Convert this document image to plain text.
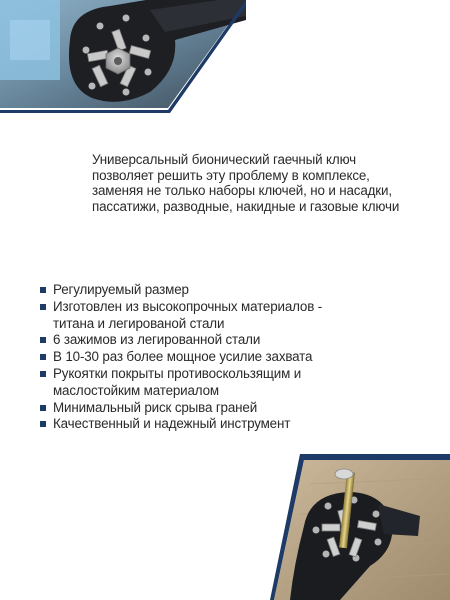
Универсальный бионический гаечный ключ
позволяет решить эту проблему в комплексе,
заменяя не только наборы ключей, но и насадки,
пассатижи, разводные, накидные и газовые ключи

Регулируемый размер
Изготовлен из высокопрочных материалов -
титана и легированой стали
6 зажимов из легированной стали
В 10-30 раз более мощное усилие захвата
Рукоятки покрыты противоскользящим и
маслостойким материалом
Минимальный риск срыва граней
Качественный и надежный инструмент
